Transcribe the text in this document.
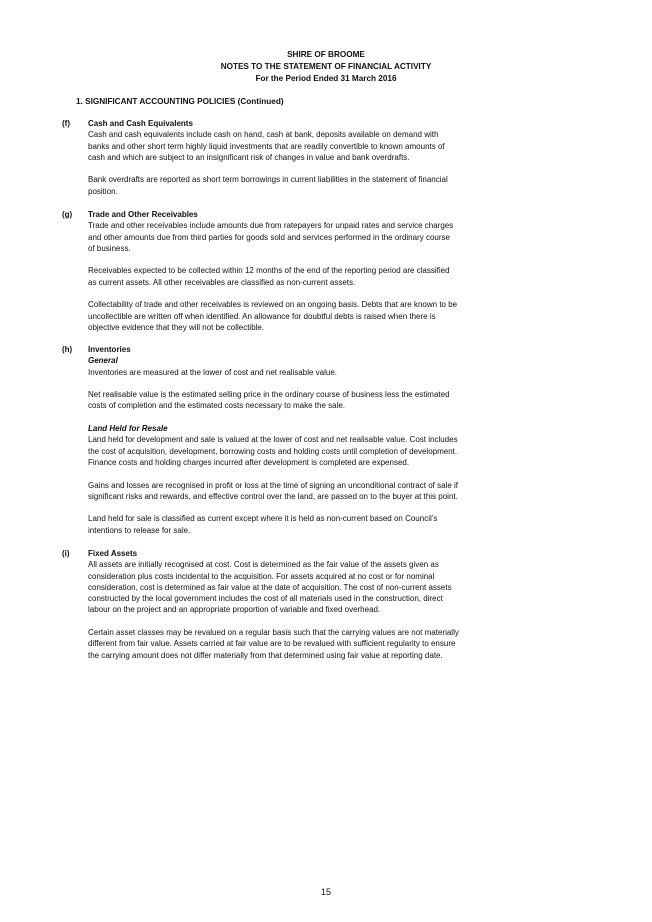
SHIRE OF BROOME
NOTES TO THE STATEMENT OF FINANCIAL ACTIVITY
For the Period Ended 31 March 2016
1. SIGNIFICANT ACCOUNTING POLICIES (Continued)
(f) Cash and Cash Equivalents

Cash and cash equivalents include cash on hand, cash at bank, deposits available on demand with
banks and other short term highly liquid investments that are readily convertible to known amounts of
cash and which are subject to an insignificant risk of changes in value and bank overdrafts.

Bank overdrafts are reported as short term borrowings in current liabilities in the statement of financial
position.

(g) Trade and Other Receivables

Trade and other receivables include amounts due from ratepayers for unpaid rates and service charges
and other amounts due from third parties for goods sold and services performed in the ordinary course
of business.

Receivables expected to be collected within 12 months of the end of the reporting period are classified
as current assets. All other receivables are classified as non-current assets.

Collectability of trade and other receivables is reviewed on an ongoing basis. Debts that are known to be
uncollectible are written off when identified. An allowance for doubtful debts is raised when there is
objective evidence that they will not be collectible.

(h) Inventories

General

Inventories are measured at the lower of cost and net realisable value.

Net realisable value is the estimated selling price in the ordinary course of business less the estimated
costs of completion and the estimated costs necessary to make the sale.

Land Held for Resale

Land held for development and sale is valued at the lower of cost and net realisable value. Cost includes
the cost of acquisition, development, borrowing costs and holding costs until completion of development.
Finance costs and holding charges incurred after development is completed are expensed.

Gains and losses are recognised in profit or loss at the time of signing an unconditional contract of sale if
significant risks and rewards, and effective control over the land, are passed on to the buyer at this point.

Land held for sale is classified as current except where it is held as non-current based on Council’s
intentions to release for sale.

(i) Fixed Assets

All assets are initially recognised at cost. Cost is determined as the fair value of the assets given as
consideration plus costs incidental to the acquisition. For assets acquired at no cost or for nominal
consideration, cost is determined as fair value at the date of acquisition. The cost of non-current assets
constructed by the local government includes the cost of all materials used in the construction, direct
labour on the project and an appropriate proportion of variable and fixed overhead.

Certain asset classes may be revalued on a regular basis such that the carrying values are not materially
different from fair value. Assets carried at fair value are to be revalued with sufficient regularity to ensure
the carrying amount does not differ materially from that determined using fair value at reporting date.

15
